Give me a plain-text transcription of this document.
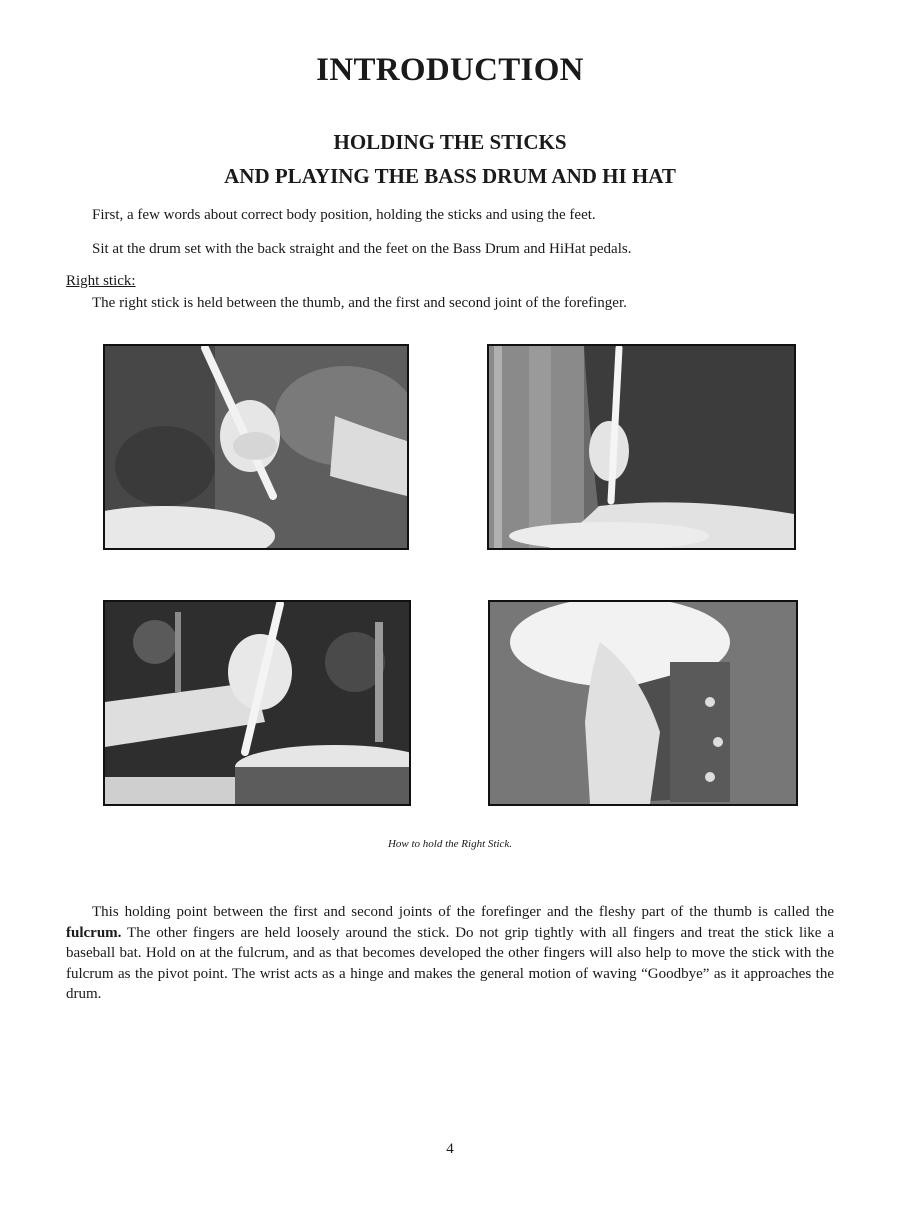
INTRODUCTION
HOLDING THE STICKS
AND PLAYING THE BASS DRUM AND HI HAT
First, a few words about correct body position, holding the sticks and using the feet.
Sit at the drum set with the back straight and the feet on the Bass Drum and HiHat pedals.
Right stick:
The right stick is held between the thumb, and the first and second joint of the forefinger.
How to hold the Right Stick.
This holding point between the first and second joints of the forefinger and the fleshy part of the thumb is called the fulcrum. The other fingers are held loosely around the stick. Do not grip tightly with all fingers and treat the stick like a baseball bat. Hold on at the fulcrum, and as that becomes developed the other fingers will also help to move the stick with the fulcrum as the pivot point. The wrist acts as a hinge and makes the general motion of waving “Goodbye” as it approaches the drum.
4
